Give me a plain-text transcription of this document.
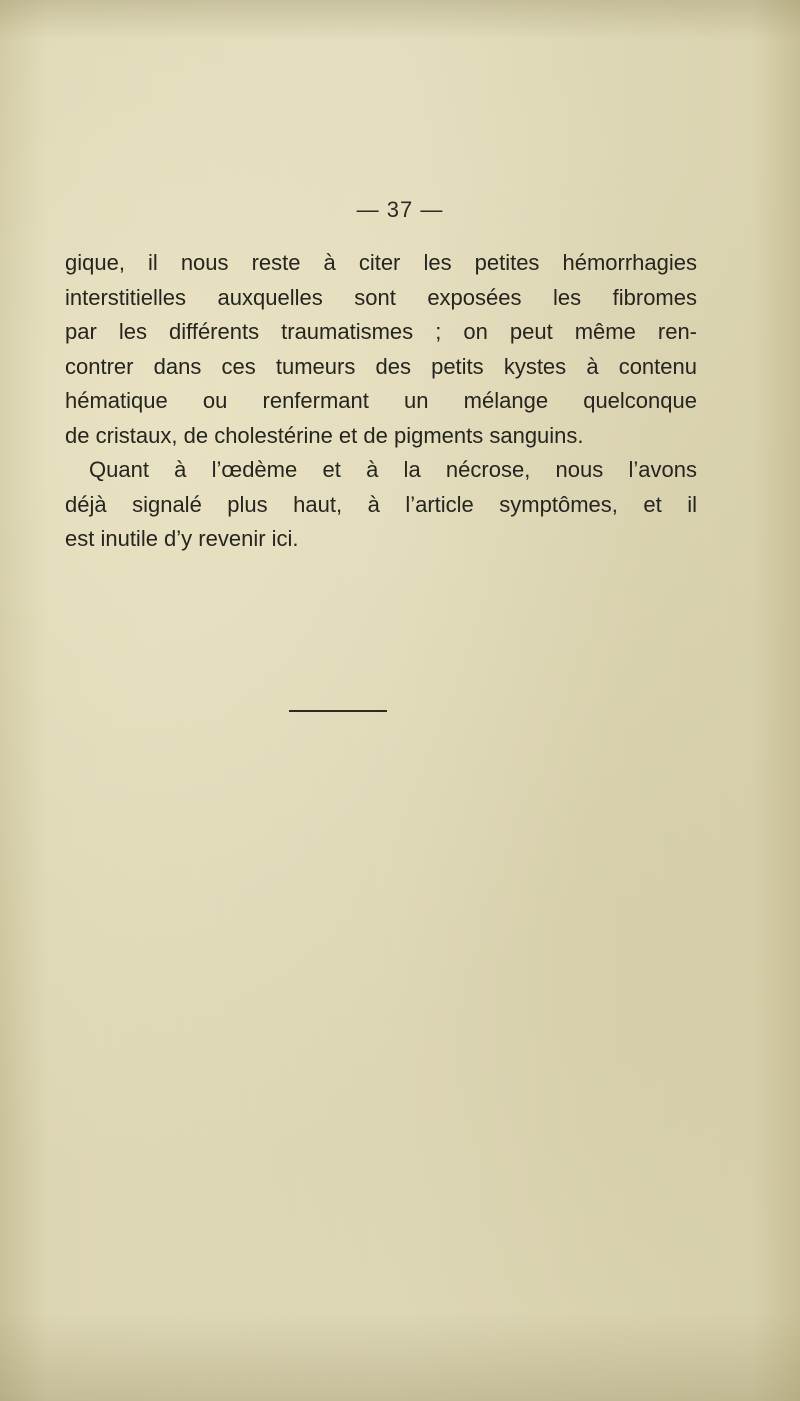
— 37 —
gique, il nous reste à citer les petites hémorrhagies
interstitielles auxquelles sont exposées les fibromes
par les différents traumatismes ; on peut même ren-
contrer dans ces tumeurs des petits kystes à contenu
hématique ou renfermant un mélange quelconque
de cristaux, de cholestérine et de pigments sanguins.
Quant à l’œdème et à la nécrose, nous l’avons
déjà signalé plus haut, à l’article symptômes, et il
est inutile d’y revenir ici.
